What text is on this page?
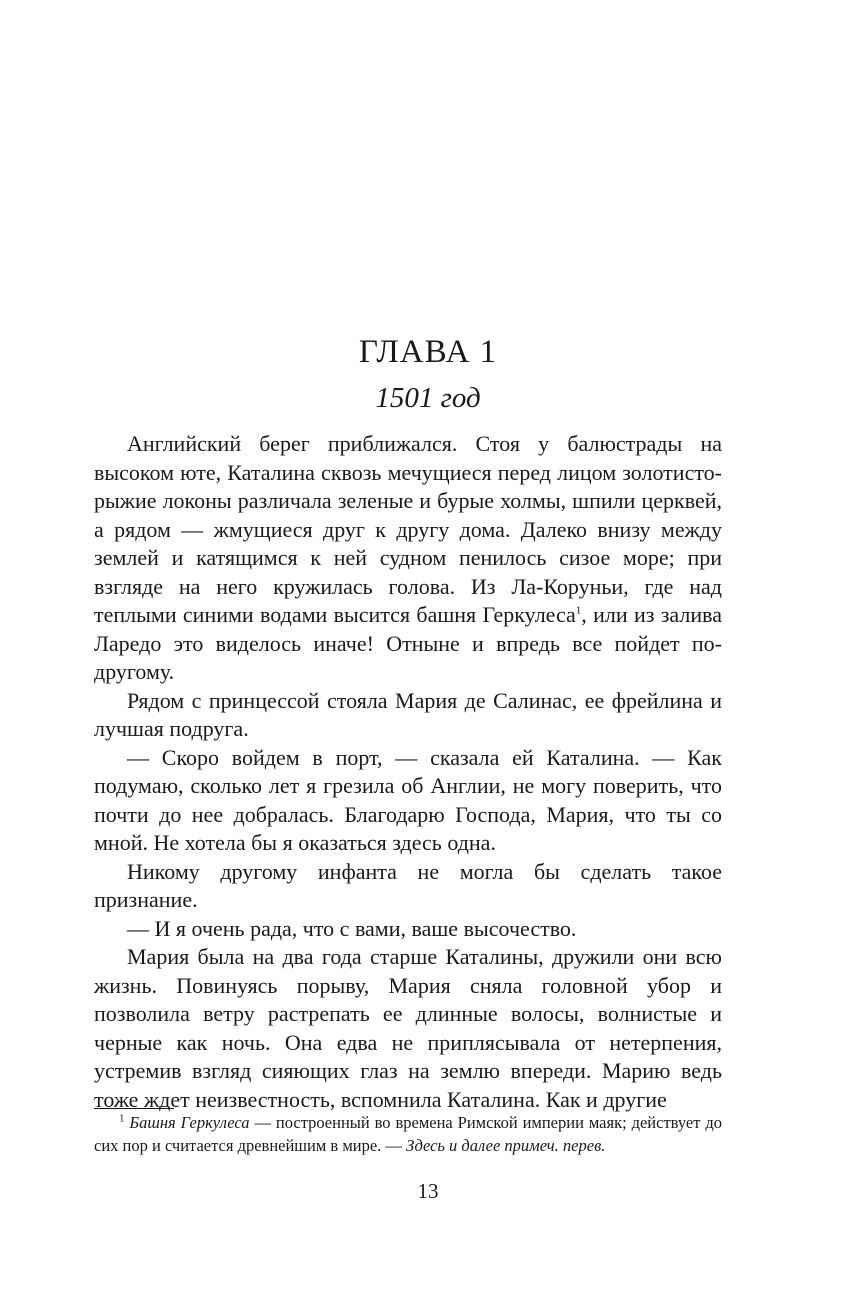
ГЛАВА 1
1501 год

Английский берег приближался. Стоя у балюстрады на высоком юте, Каталина сквозь мечущиеся перед лицом золотисто-рыжие локоны различала зеленые и бурые холмы, шпили церквей, а рядом — жмущиеся друг к другу дома. Далеко внизу между землей и катящимся к ней судном пенилось сизое море; при взгляде на него кружилась голова. Из Ла-Коруньи, где над теплыми синими водами высится башня Геркулеса$^1$, или из залива Ларедо это виделось иначе! Отныне и впредь все пойдет по-другому.

Рядом с принцессой стояла Мария де Салинас, ее фрейлина и лучшая подруга.

— Скоро войдем в порт, — сказала ей Каталина. — Как подумаю, сколько лет я грезила об Англии, не могу поверить, что почти до нее добралась. Благодарю Господа, Мария, что ты со мной. Не хотела бы я оказаться здесь одна.

Никому другому инфанта не могла бы сделать такое признание.

— И я очень рада, что с вами, ваше высочество.

Мария была на два года старше Каталины, дружили они всю жизнь. Повинуясь порыву, Мария сняла головной убор и позволила ветру растрепать ее длинные волосы, волнистые и черные как ночь. Она едва не приплясывала от нетерпения, устремив взгляд сияющих глаз на землю впереди. Марию ведь тоже ждет неизвестность, вспомнила Каталина. Как и другие

$^1$ Башня Геркулеса — построенный во времена Римской империи маяк; действует до сих пор и считается древнейшим в мире. — Здесь и далее примеч. перев.
13
